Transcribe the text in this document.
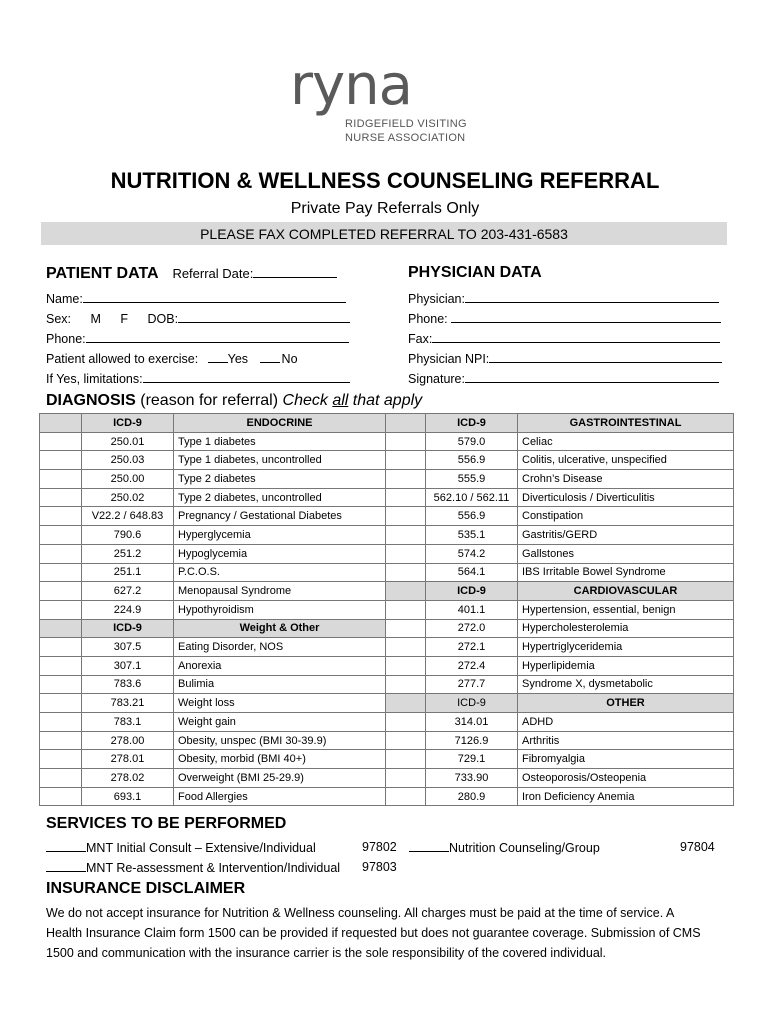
ryna
RIDGEFIELD VISITING
NURSE ASSOCIATION
NUTRITION & WELLNESS COUNSELING REFERRAL
Private Pay Referrals Only
PLEASE FAX COMPLETED REFERRAL TO 203-431-6583
PATIENT DATA Referral Date:
Name:
Sex: M F DOB:
Phone:
Patient allowed to exercise: Yes	No
If Yes, limitations:
PHYSICIAN DATA
Physician:
Phone:
Fax:
Physician NPI:
Signature:
DIAGNOSIS (reason for referral) Check all that apply
	ICD-9	ENDOCRINE		ICD-9	GASTROINTESTINAL
	250.01	Type 1 diabetes		579.0	Celiac
	250.03	Type 1 diabetes, uncontrolled		556.9	Colitis, ulcerative, unspecified
	250.00	Type 2 diabetes		555.9	Crohn’s Disease
	250.02	Type 2 diabetes, uncontrolled		562.10 / 562.11	Diverticulosis / Diverticulitis
	V22.2 / 648.83	Pregnancy / Gestational Diabetes		556.9	Constipation
	790.6	Hyperglycemia		535.1	Gastritis/GERD
	251.2	Hypoglycemia		574.2	Gallstones
	251.1	P.C.O.S.		564.1	IBS Irritable Bowel Syndrome
	627.2	Menopausal Syndrome		ICD-9	CARDIOVASCULAR
	224.9	Hypothyroidism		401.1	Hypertension, essential, benign
	ICD-9	Weight & Other		272.0	Hypercholesterolemia
	307.5	Eating Disorder, NOS		272.1	Hypertriglyceridemia
	307.1	Anorexia		272.4	Hyperlipidemia
	783.6	Bulimia		277.7	Syndrome X, dysmetabolic
	783.21	Weight loss		ICD-9	OTHER
	783.1	Weight gain		314.01	ADHD
	278.00	Obesity, unspec (BMI 30-39.9)		7126.9	Arthritis
	278.01	Obesity, morbid (BMI 40+)		729.1	Fibromyalgia
	278.02	Overweight (BMI 25-29.9)		733.90	Osteoporosis/Osteopenia
	693.1	Food Allergies		280.9	Iron Deficiency Anemia
SERVICES TO BE PERFORMED
MNT Initial Consult – Extensive/Individual	97802	Nutrition Counseling/Group	97804
MNT Re-assessment & Intervention/Individual 97803
INSURANCE DISCLAIMER
We do not accept insurance for Nutrition & Wellness counseling. All charges must be paid at the time of service. A
Health Insurance Claim form 1500 can be provided if requested but does not guarantee coverage. Submission of CMS
1500 and communication with the insurance carrier is the sole responsibility of the covered individual.
